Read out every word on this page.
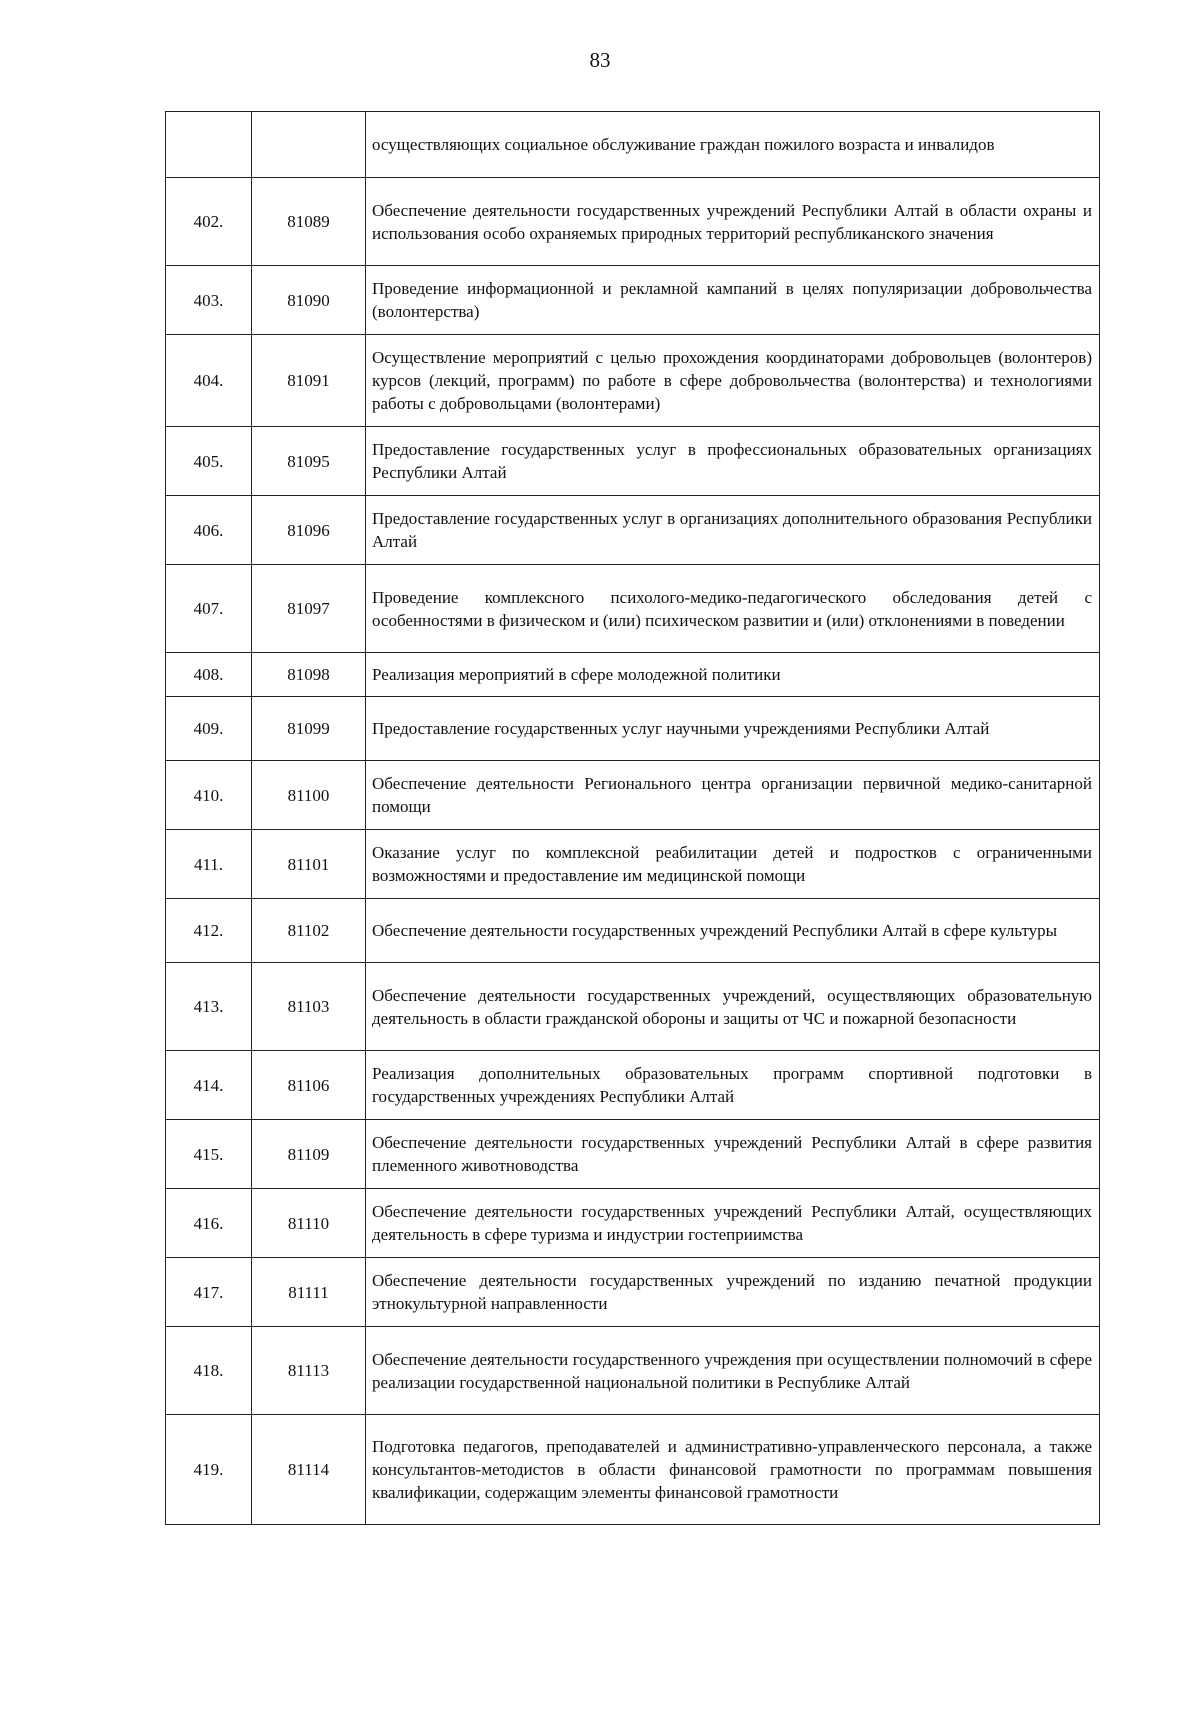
83
		осуществляющих социальное обслуживание граждан пожилого возраста и инвалидов
402.	81089	Обеспечение деятельности государственных учреждений Республики Алтай в области охраны и использования особо охраняемых природных территорий республиканского значения
403.	81090	Проведение информационной и рекламной кампаний в целях популяризации добровольчества (волонтерства)
404.	81091	Осуществление мероприятий с целью прохождения координаторами добровольцев (волонтеров) курсов (лекций, программ) по работе в сфере добровольчества (волонтерства) и технологиями работы с добровольцами (волонтерами)
405.	81095	Предоставление государственных услуг в профессиональных образовательных организациях Республики Алтай
406.	81096	Предоставление государственных услуг в организациях дополнительного образования Республики Алтай
407.	81097	Проведение комплексного психолого-медико-педагогического обследования детей с особенностями в физическом и (или) психическом развитии и (или) отклонениями в поведении
408.	81098	Реализация мероприятий в сфере молодежной политики
409.	81099	Предоставление государственных услуг научными учреждениями Республики Алтай
410.	81100	Обеспечение деятельности Регионального центра организации первичной медико-санитарной помощи
411.	81101	Оказание услуг по комплексной реабилитации детей и подростков с ограниченными возможностями и предоставление им медицинской помощи
412.	81102	Обеспечение деятельности государственных учреждений Республики Алтай в сфере культуры
413.	81103	Обеспечение деятельности государственных учреждений, осуществляющих образовательную деятельность в области гражданской обороны и защиты от ЧС и пожарной безопасности
414.	81106	Реализация дополнительных образовательных программ спортивной подготовки в государственных учреждениях Республики Алтай
415.	81109	Обеспечение деятельности государственных учреждений Республики Алтай в сфере развития племенного животноводства
416.	81110	Обеспечение деятельности государственных учреждений Республики Алтай, осуществляющих деятельность в сфере туризма и индустрии гостеприимства
417.	81111	Обеспечение деятельности государственных учреждений по изданию печатной продукции этнокультурной направленности
418.	81113	Обеспечение деятельности государственного учреждения при осуществлении полномочий в сфере реализации государственной национальной политики в Республике Алтай
419.	81114	Подготовка педагогов, преподавателей и административно-управленческого персонала, а также консультантов-методистов в области финансовой грамотности по программам повышения квалификации, содержащим элементы финансовой грамотности
